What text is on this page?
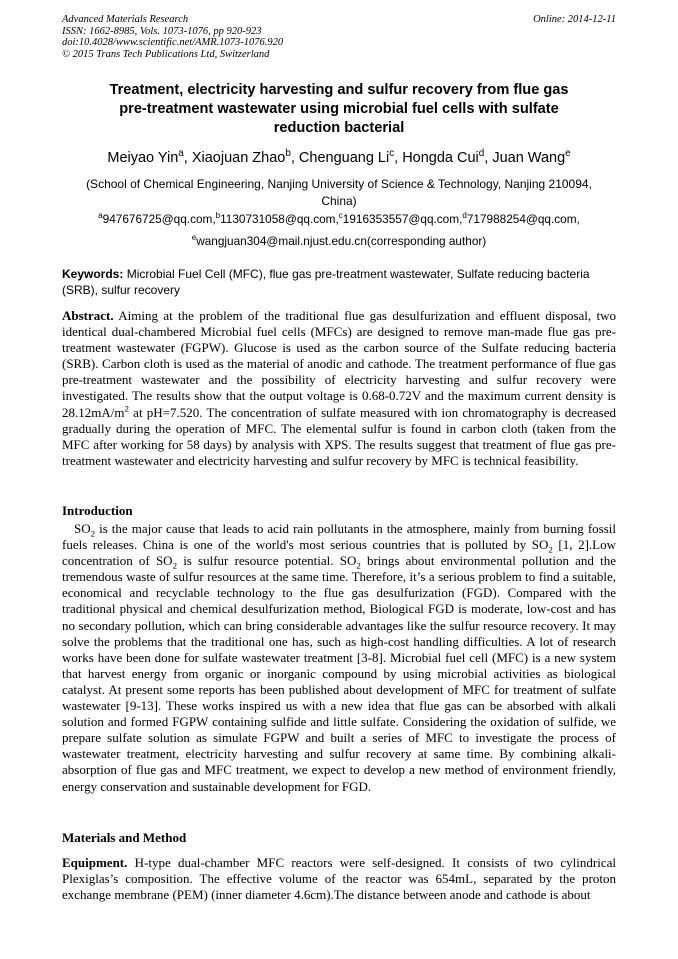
Advanced Materials Research
ISSN: 1662-8985, Vols. 1073-1076, pp 920-923
doi:10.4028/www.scientific.net/AMR.1073-1076.920
© 2015 Trans Tech Publications Ltd, Switzerland
Online: 2014-12-11
Treatment, electricity harvesting and sulfur recovery from flue gas
pre-treatment wastewater using microbial fuel cells with sulfate
reduction bacterial
Meiyao Yin$^a$, Xiaojuan Zhao$^b$, Chenguang Li$^c$, Hongda Cui$^d$, Juan Wang$^e$
(School of Chemical Engineering, Nanjing University of Science & Technology, Nanjing 210094,
China)
$^a$947676725@qq.com,$^b$1130731058@qq.com,$^c$1916353557@qq.com,$^d$717988254@qq.com,
$^e$wangjuan304@mail.njust.edu.cn(corresponding author)
Keywords: Microbial Fuel Cell (MFC), flue gas pre-treatment wastewater, Sulfate reducing bacteria (SRB), sulfur recovery

Abstract. Aiming at the problem of the traditional flue gas desulfurization and effluent disposal, two identical dual-chambered Microbial fuel cells (MFCs) are designed to remove man-made flue gas pre-treatment wastewater (FGPW). Glucose is used as the carbon source of the Sulfate reducing bacteria (SRB). Carbon cloth is used as the material of anodic and cathode. The treatment performance of flue gas pre-treatment wastewater and the possibility of electricity harvesting and sulfur recovery were investigated. The results show that the output voltage is 0.68-0.72V and the maximum current density is $28.12mA/m^2$ at pH=7.520. The concentration of sulfate measured with ion chromatography is decreased gradually during the operation of MFC. The elemental sulfur is found in carbon cloth (taken from the MFC after working for 58 days) by analysis with XPS. The results suggest that treatment of flue gas pre-treatment wastewater and electricity harvesting and sulfur recovery by MFC is technical feasibility.

Introduction

$SO_2$ is the major cause that leads to acid rain pollutants in the atmosphere, mainly from burning fossil fuels releases. China is one of the world's most serious countries that is polluted by $SO_2$ [1, 2].Low concentration of $SO_2$ is sulfur resource potential. $SO_2$ brings about environmental pollution and the tremendous waste of sulfur resources at the same time. Therefore, it’s a serious problem to find a suitable, economical and recyclable technology to the flue gas desulfurization (FGD). Compared with the traditional physical and chemical desulfurization method, Biological FGD is moderate, low-cost and has no secondary pollution, which can bring considerable advantages like the sulfur resource recovery. It may solve the problems that the traditional one has, such as high-cost handling difficulties. A lot of research works have been done for sulfate wastewater treatment [3-8]. Microbial fuel cell (MFC) is a new system that harvest energy from organic or inorganic compound by using microbial activities as biological catalyst. At present some reports has been published about development of MFC for treatment of sulfate wastewater [9-13]. These works inspired us with a new idea that flue gas can be absorbed with alkali solution and formed FGPW containing sulfide and little sulfate. Considering the oxidation of sulfide, we prepare sulfate solution as simulate FGPW and built a series of MFC to investigate the process of wastewater treatment, electricity harvesting and sulfur recovery at same time. By combining alkali-absorption of flue gas and MFC treatment, we expect to develop a new method of environment friendly, energy conservation and sustainable development for FGD.

Materials and Method

Equipment. H-type dual-chamber MFC reactors were self-designed. It consists of two cylindrical Plexiglas’s composition. The effective volume of the reactor was 654mL, separated by the proton exchange membrane (PEM) (inner diameter 4.6cm).The distance between anode and cathode is about
